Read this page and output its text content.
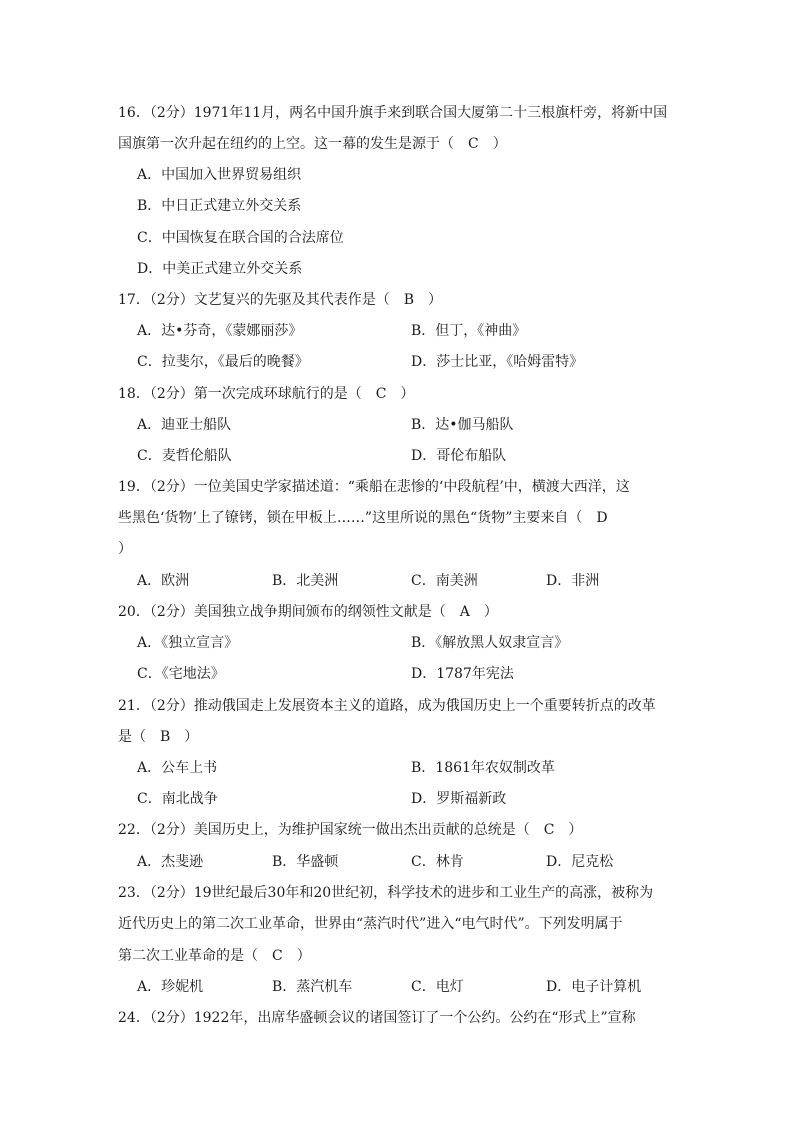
16．（2分）1971年11月，两名中国升旗手来到联合国大厦第二十三根旗杆旁，将新中国
国旗第一次升起在纽约的上空。这一幕的发生是源于（　C　）
A．中国加入世界贸易组织
B．中日正式建立外交关系
C．中国恢复在联合国的合法席位
D．中美正式建立外交关系
17．（2分）文艺复兴的先驱及其代表作是（　B　）
A．达•芬奇，《蒙娜丽莎》	B．但丁，《神曲》
C．拉斐尔，《最后的晚餐》	D．莎士比亚，《哈姆雷特》
18．（2分）第一次完成环球航行的是（　C　）
A．迪亚士船队	B．达•伽马船队
C．麦哲伦船队	D．哥伦布船队
19．（2分）一位美国史学家描述道：“乘船在悲惨的‘中段航程’中，横渡大西洋，这
些黑色‘货物’上了镣铐，锁在甲板上……”这里所说的黑色“货物”主要来自（　D
）
A．欧洲	B．北美洲	C．南美洲	D．非洲
20．（2分）美国独立战争期间颁布的纲领性文献是（　A　）
A．《独立宣言》	B．《解放黑人奴隶宣言》
C．《宅地法》	D．1787年宪法
21．（2分）推动俄国走上发展资本主义的道路，成为俄国历史上一个重要转折点的改革
是（　B　）
A．公车上书	B．1861年农奴制改革
C．南北战争	D．罗斯福新政
22．（2分）美国历史上，为维护国家统一做出杰出贡献的总统是（　C　）
A．杰斐逊	B．华盛顿	C．林肯	D．尼克松
23．（2分）19世纪最后30年和20世纪初，科学技术的进步和工业生产的高涨，被称为
近代历史上的第二次工业革命，世界由“蒸汽时代”进入“电气时代”。下列发明属于
第二次工业革命的是（　C　）
A．珍妮机	B．蒸汽机车	C．电灯	D．电子计算机
24．（2分）1922年，出席华盛顿会议的诸国签订了一个公约。公约在“形式上”宣称
